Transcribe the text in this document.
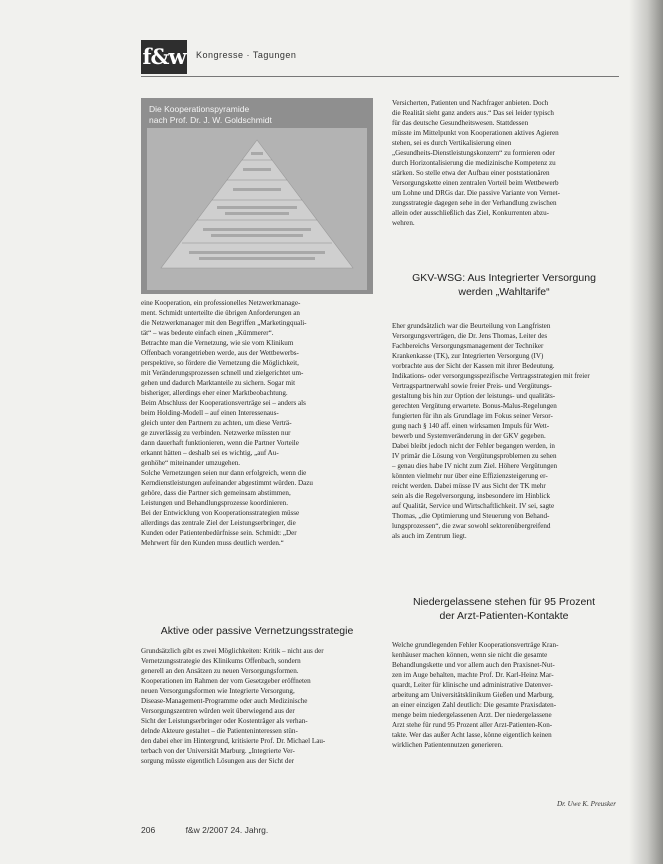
f&w Kongresse · Tagungen
Die Kooperationspyramide
nach Prof. Dr. J. W. Goldschmidt

eine Kooperation, ein professionelles Netzwerkmanage-

ment. Schmidt unterteilte die übrigen Anforderungen an

die Netzwerkmanager mit den Begriffen „Marketingquali-

tät“ – was bedeute einfach einen „Kümmerer“.

Betrachte man die Vernetzung, wie sie vom Klinikum

Offenbach vorangetrieben werde, aus der Wettbewerbs-

perspektive, so fördere die Vernetzung die Möglichkeit,

mit Veränderungsprozessen schnell und zielgerichtet um-

gehen und dadurch Marktanteile zu sichern. Sogar mit

bisheriger, allerdings eher einer Marktbeobachtung.

Beim Abschluss der Kooperationsverträge sei – anders als

beim Holding-Modell – auf einen Interessenaus-

gleich unter den Partnern zu achten, um diese Verträ-

ge zuverlässig zu verbinden. Netzwerke müssten nur

dann dauerhaft funktionieren, wenn die Partner Vorteile

erkannt hätten – deshalb sei es wichtig, „auf Au-

genhöhe“ miteinander umzugehen.

Solche Vernetzungen seien nur dann erfolgreich, wenn die

Kerndienstleistungen aufeinander abgestimmt würden. Dazu

gehöre, dass die Partner sich gemeinsam abstimmen,

Leistungen und Behandlungsprozesse koordinieren.

Bei der Entwicklung von Kooperationsstrategien müsse

allerdings das zentrale Ziel der Leistungserbringer, die

Kunden oder Patientenbedürfnisse sein. Schmidt: „Der

Mehrwert für den Kunden muss deutlich werden.“

Aktive oder passive Vernetzungsstrategie

Grundsätzlich gibt es zwei Möglichkeiten: Kritik – nicht aus der

Vernetzungsstrategie des Klinikums Offenbach, sondern

generell an den Ansätzen zu neuen Versorgungsformen.

Kooperationen im Rahmen der vom Gesetzgeber eröffneten

neuen Versorgungsformen wie Integrierte Versorgung,

Disease-Management-Programme oder auch Medizinische

Versorgungszentren würden weit überwiegend aus der

Sicht der Leistungserbringer oder Kostenträger als verhan-

delnde Akteure gestaltet – die Patienteninteressen stün-

den dabei eher im Hintergrund, kritisierte Prof. Dr. Michael Lau-

terbach von der Universität Marburg. „Integrierte Ver-

sorgung müsste eigentlich Lösungen aus der Sicht der

Versicherten, Patienten und Nachfrager anbieten. Doch

die Realität sieht ganz anders aus.“ Das sei leider typisch

für das deutsche Gesundheitswesen. Stattdessen

müsste im Mittelpunkt von Kooperationen aktives Agieren

stehen, sei es durch Vertikalisierung einen

„Gesundheits-Dienstleistungskonzern“ zu formieren oder

durch Horizontalisierung die medizinische Kompetenz zu

stärken. So stelle etwa der Aufbau einer poststationären

Versorgungskette einen zentralen Vorteil beim Wettbewerb

um Lohne und DRGs dar. Die passive Variante von Vernet-

zungsstrategie dagegen sehe in der Verhandlung zwischen

allein oder ausschließlich das Ziel, Konkurrenten abzu-

wehren.

GKV-WSG: Aus Integrierter Versorgung
werden „Wahltarife“

Eher grundsätzlich war die Beurteilung von Langfristen

Versorgungsverträgen, die Dr. Jens Thomas, Leiter des

Fachbereichs Versorgungsmanagement der Techniker

Krankenkasse (TK), zur Integrierten Versorgung (IV)

vorbrachte aus der Sicht der Kassen mit ihrer Bedeutung.

Indikations- oder versorgungsspezifische Vertragsstrategien mit freier

Vertragspartnerwahl sowie freier Preis- und Vergütungs-

gestaltung bis hin zur Option der leistungs- und qualitäts-

gerechten Vergütung erwartete. Bonus-Malus-Regelungen

fungierten für ihn als Grundlage im Fokus seiner Versor-

gung nach § 140 aff. einen wirksamen Impuls für Wett-

bewerb und Systemveränderung in der GKV gegeben.

Dabei bleibt jedoch nicht der Fehler begangen werden, in

IV primär die Lösung von Vergütungsproblemen zu sehen

– genau dies habe IV nicht zum Ziel. Höhere Vergütungen

könnten vielmehr nur über eine Effizienzsteigerung er-

reicht werden. Dabei müsse IV aus Sicht der TK mehr

sein als die Regelversorgung, insbesondere im Hinblick

auf Qualität, Service und Wirtschaftlichkeit. IV sei, sagte

Thomas, „die Optimierung und Steuerung von Behand-

lungsprozessen“, die zwar sowohl sektorenübergreifend

als auch im Zentrum liegt.

Niedergelassene stehen für 95 Prozent
der Arzt-Patienten-Kontakte

Welche grundlegenden Fehler Kooperationsverträge Kran-

kenhäuser machen können, wenn sie nicht die gesamte

Behandlungskette und vor allem auch den Praxisnet-Nut-

zen im Auge behalten, machte Prof. Dr. Karl-Heinz Mar-

quardt, Leiter für klinische und administrative Datenver-

arbeitung am Universitätsklinikum Gießen und Marburg,

an einer einzigen Zahl deutlich: Die gesamte Praxisdaten-

menge beim niedergelassenen Arzt. Der niedergelassene

Arzt stehe für rund 95 Prozent aller Arzt-Patienten-Kon-

takte. Wer das außer Acht lasse, könne eigentlich keinen

wirklichen Patientennutzen generieren.

Dr. Uwe K. Preusker
206	f&w 2/2007 24. Jahrg.
